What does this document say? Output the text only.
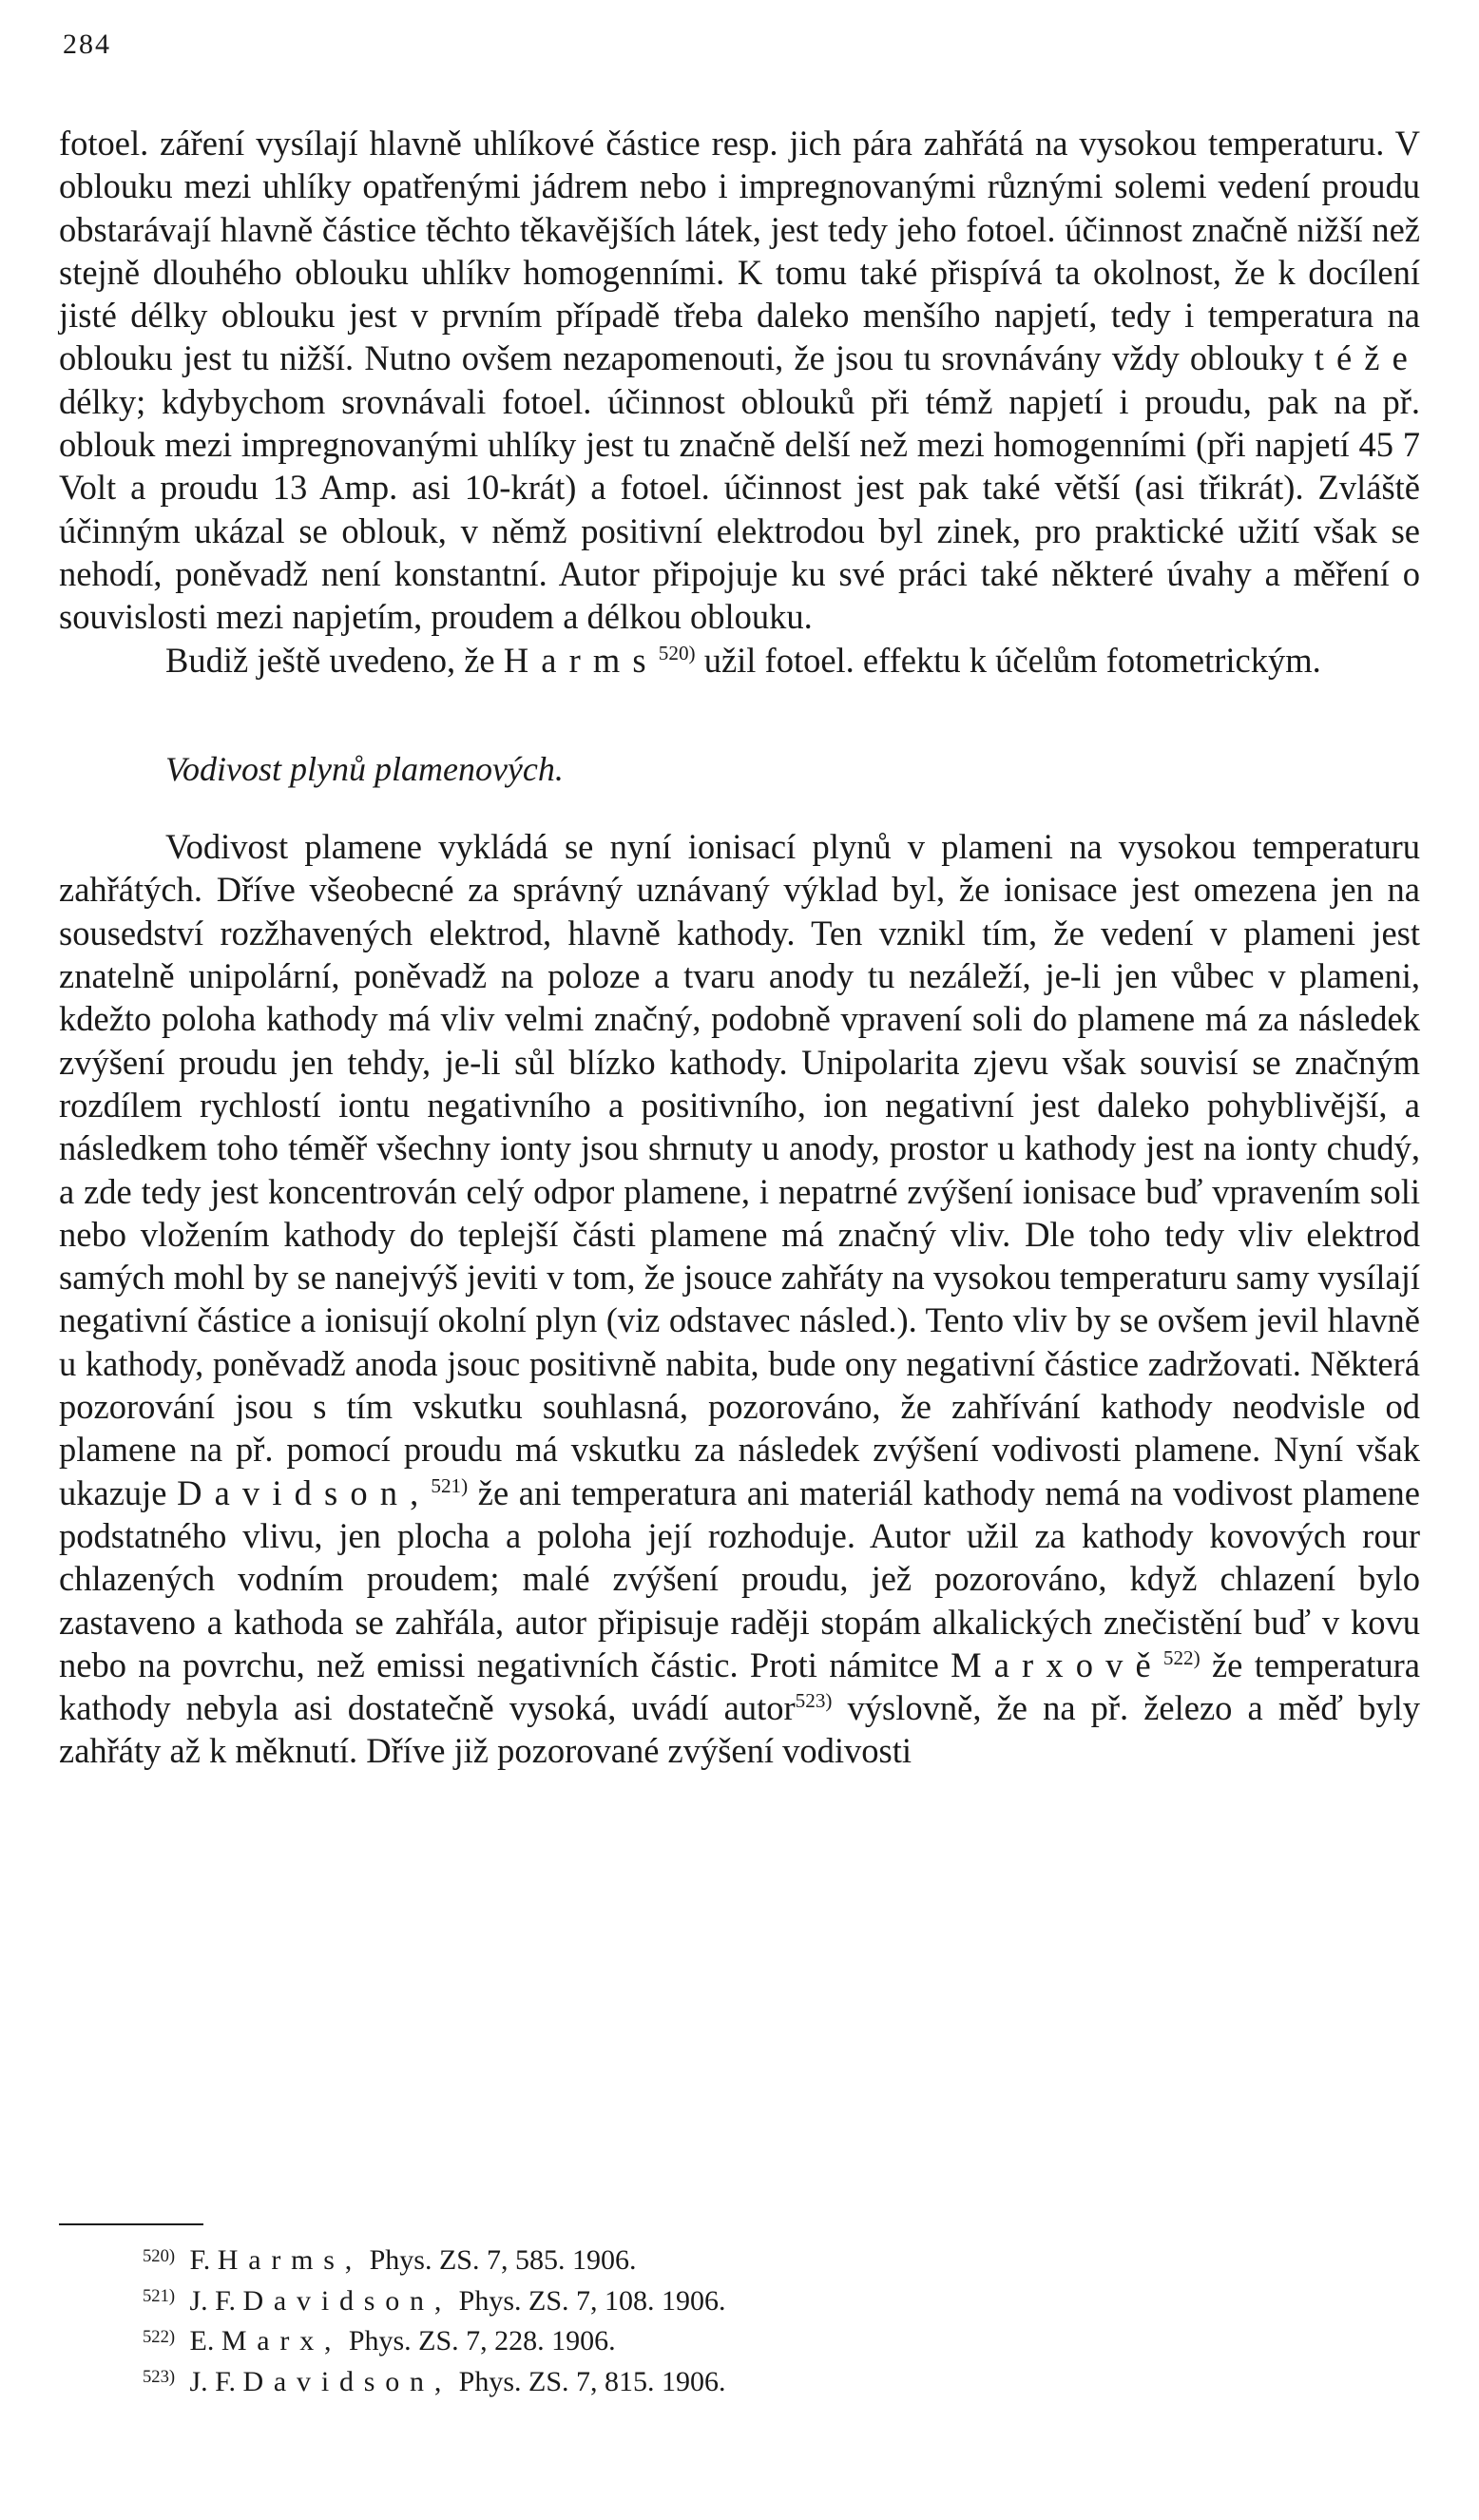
284

fotoel. záření vysílají hlavně uhlíkové částice resp. jich pára zahřátá na vysokou temperaturu. V oblouku mezi uhlíky opatřenými jádrem nebo i impregnovanými různými solemi vedení proudu obstarávají hlavně částice těchto těkavějších látek, jest tedy jeho fotoel. účinnost značně nižší než stejně dlouhého oblouku uhlíkv homogenními. K tomu také přispívá ta okolnost, že k docílení jisté délky oblouku jest v prvním případě třeba daleko menšího napjetí, tedy i temperatura na oblouku jest tu nižší. Nutno ovšem nezapomenouti, že jsou tu srovnávány vždy oblouky téže délky; kdybychom srovnávali fotoel. účinnost oblouků při témž napjetí i proudu, pak na př. oblouk mezi impregnovanými uhlíky jest tu značně delší než mezi homogenními (při napjetí 45 7 Volt a proudu 13 Amp. asi 10-krát) a fotoel. účinnost jest pak také větší (asi třikrát). Zvláště účinným ukázal se oblouk, v němž positivní elektrodou byl zinek, pro praktické užití však se nehodí, poněvadž není konstantní. Autor připojuje ku své práci také některé úvahy a měření o souvislosti mezi napjetím, proudem a délkou oblouku.

Budiž ještě uvedeno, že Harms$^{520)}$ užil fotoel. effektu k účelům fotometrickým.

Vodivost plynů plamenových.

Vodivost plamene vykládá se nyní ionisací plynů v plameni na vysokou temperaturu zahřátých. Dříve všeobecné za správný uznávaný výklad byl, že ionisace jest omezena jen na sousedství rozžhavených elektrod, hlavně kathody. Ten vznikl tím, že vedení v plameni jest znatelně unipolární, poněvadž na poloze a tvaru anody tu nezáleží, je-li jen vůbec v plameni, kdežto poloha kathody má vliv velmi značný, podobně vpravení soli do plamene má za následek zvýšení proudu jen tehdy, je-li sůl blízko kathody. Unipolarita zjevu však souvisí se značným rozdílem rychlostí iontu negativního a positivního, ion negativní jest daleko pohyblivější, a následkem toho téměř všechny ionty jsou shrnuty u anody, prostor u kathody jest na ionty chudý, a zde tedy jest koncentrován celý odpor plamene, i nepatrné zvýšení ionisace buď vpravením soli nebo vložením kathody do teplejší části plamene má značný vliv. Dle toho tedy vliv elektrod samých mohl by se nanejvýš jeviti v tom, že jsouce zahřáty na vysokou temperaturu samy vysílají negativní částice a ionisují okolní plyn (viz odstavec násled.). Tento vliv by se ovšem jevil hlavně u kathody, poněvadž anoda jsouc positivně nabita, bude ony negativní částice zadržovati. Některá pozorování jsou s tím vskutku souhlasná, pozorováno, že zahřívání kathody neodvisle od plamene na př. pomocí proudu má vskutku za následek zvýšení vodivosti plamene. Nyní však ukazuje Davidson,$^{521)}$ že ani temperatura ani materiál kathody nemá na vodivost plamene podstatného vlivu, jen plocha a poloha její rozhoduje. Autor užil za kathody kovových rour chlazených vodním proudem; malé zvýšení proudu, jež pozorováno, když chlazení bylo zastaveno a kathoda se zahřála, autor připisuje raději stopám alkalických znečistění buď v kovu nebo na povrchu, než emissi negativních částic. Proti námitce Marxově$^{522)}$ že temperatura kathody nebyla asi dostatečně vysoká, uvádí autor$^{523)}$ výslovně, že na př. železo a měď byly zahřáty až k měknutí. Dříve již pozorované zvýšení vodivosti

520) F. Harms, Phys. ZS. 7, 585. 1906.
521) J. F. Davidson, Phys. ZS. 7, 108. 1906.
522) E. Marx, Phys. ZS. 7, 228. 1906.
523) J. F. Davidson, Phys. ZS. 7, 815. 1906.
